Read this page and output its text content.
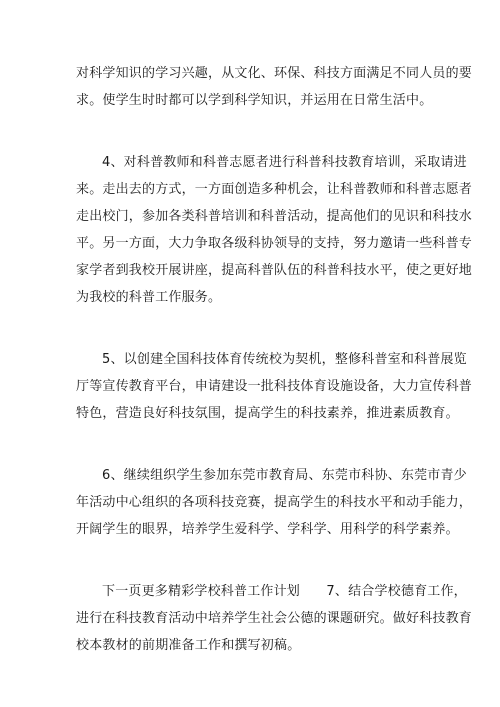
对科学知识的学习兴趣，从文化、环保、科技方面满足不同人员的要
求。使学生时时都可以学到科学知识，并运用在日常生活中。
4、对科普教师和科普志愿者进行科普科技教育培训，采取请进
来。走出去的方式，一方面创造多种机会，让科普教师和科普志愿者
走出校门，参加各类科普培训和科普活动，提高他们的见识和科技水
平。另一方面，大力争取各级科协领导的支持，努力邀请一些科普专
家学者到我校开展讲座，提高科普队伍的科普科技水平，使之更好地
为我校的科普工作服务。
5、以创建全国科技体育传统校为契机，整修科普室和科普展览
厅等宣传教育平台，申请建设一批科技体育设施设备，大力宣传科普
特色，营造良好科技氛围，提高学生的科技素养，推进素质教育。
6、继续组织学生参加东莞市教育局、东莞市科协、东莞市青少
年活动中心组织的各项科技竞赛，提高学生的科技水平和动手能力，
开阔学生的眼界，培养学生爱科学、学科学、用科学的科学素养。
下一页更多精彩学校科普工作计划　　7、结合学校德育工作，
进行在科技教育活动中培养学生社会公德的课题研究。做好科技教育
校本教材的前期准备工作和撰写初稿。
